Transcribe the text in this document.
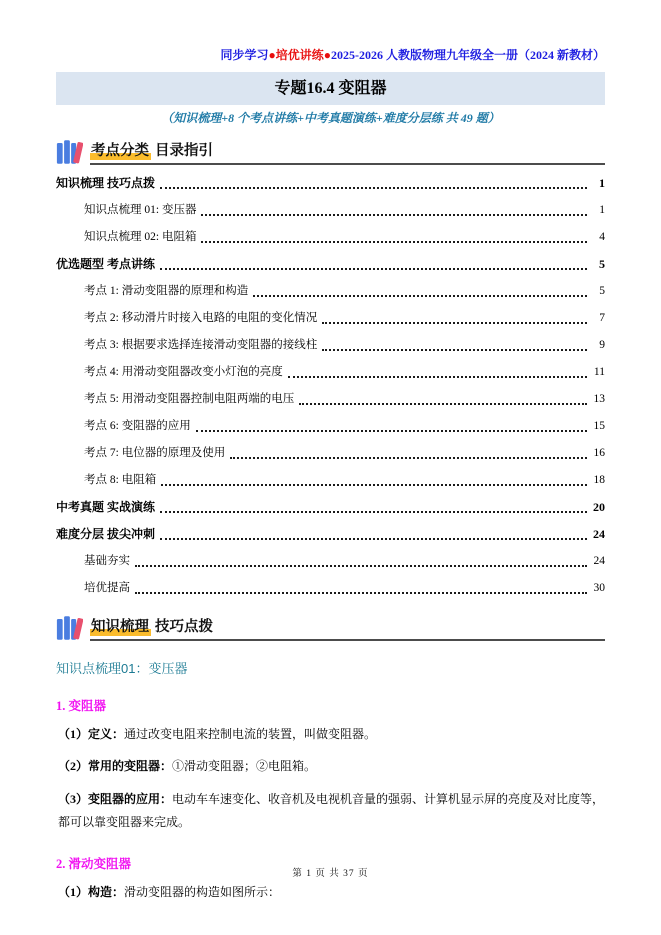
同步学习●培优讲练●2025-2026 人教版物理九年级全一册（2024 新教材）
专题16.4 变阻器
（知识梳理+8 个考点讲练+中考真题演练+难度分层练 共 49 题）
考点分类 目录指引
知识梳理 技巧点拨	1
知识点梳理 01: 变压器	1
知识点梳理 02: 电阻箱	4
优选题型 考点讲练	5
考点 1: 滑动变阻器的原理和构造	5
考点 2: 移动滑片时接入电路的电阻的变化情况	7
考点 3: 根据要求选择连接滑动变阻器的接线柱	9
考点 4: 用滑动变阻器改变小灯泡的亮度	11
考点 5: 用滑动变阻器控制电阻两端的电压	13
考点 6: 变阻器的应用	15
考点 7: 电位器的原理及使用	16
考点 8: 电阻箱	18
中考真题 实战演练	20
难度分层 拔尖冲刺	24
基础夯实	24
培优提高	30
知识梳理 技巧点拨
知识点梳理01：变压器
1. 变阻器

（1）定义：通过改变电阻来控制电流的装置，叫做变阻器。

（2）常用的变阻器：①滑动变阻器；②电阻箱。

（3）变阻器的应用：电动车车速变化、收音机及电视机音量的强弱、计算机显示屏的亮度及对比度等，都可以靠变阻器来完成。

2. 滑动变阻器

（1）构造：滑动变阻器的构造如图所示：

第 1 页 共 37 页
